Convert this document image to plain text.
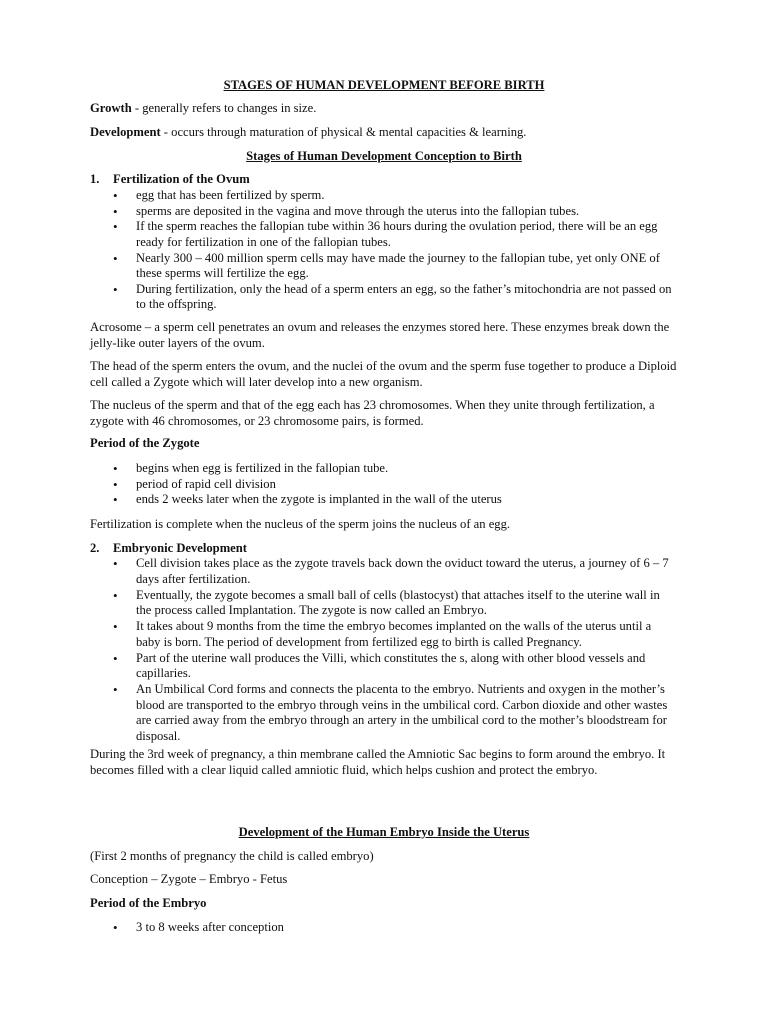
STAGES OF HUMAN DEVELOPMENT BEFORE BIRTH

Growth - generally refers to changes in size.

Development - occurs through maturation of physical & mental capacities & learning.

Stages of Human Development Conception to Birth

1. Fertilization of the Ovum

• egg that has been fertilized by sperm.
• sperms are deposited in the vagina and move through the uterus into the fallopian tubes.
• If the sperm reaches the fallopian tube within 36 hours during the ovulation period, there will be an egg ready for fertilization in one of the fallopian tubes.
• Nearly 300 – 400 million sperm cells may have made the journey to the fallopian tube, yet only ONE of these sperms will fertilize the egg.
• During fertilization, only the head of a sperm enters an egg, so the father’s mitochondria are not passed on to the offspring.

Acrosome – a sperm cell penetrates an ovum and releases the enzymes stored here. These enzymes break down the jelly-like outer layers of the ovum.

The head of the sperm enters the ovum, and the nuclei of the ovum and the sperm fuse together to produce a Diploid cell called a Zygote which will later develop into a new organism.

The nucleus of the sperm and that of the egg each has 23 chromosomes. When they unite through fertilization, a zygote with 46 chromosomes, or 23 chromosome pairs, is formed.

Period of the Zygote

• begins when egg is fertilized in the fallopian tube.
• period of rapid cell division
• ends 2 weeks later when the zygote is implanted in the wall of the uterus

Fertilization is complete when the nucleus of the sperm joins the nucleus of an egg.

2. Embryonic Development

• Cell division takes place as the zygote travels back down the oviduct toward the uterus, a journey of 6 – 7 days after fertilization.
• Eventually, the zygote becomes a small ball of cells (blastocyst) that attaches itself to the uterine wall in the process called Implantation. The zygote is now called an Embryo.
• It takes about 9 months from the time the embryo becomes implanted on the walls of the uterus until a baby is born. The period of development from fertilized egg to birth is called Pregnancy.
• Part of the uterine wall produces the Villi, which constitutes the s, along with other blood vessels and capillaries.
• An Umbilical Cord forms and connects the placenta to the embryo. Nutrients and oxygen in the mother’s blood are transported to the embryo through veins in the umbilical cord. Carbon dioxide and other wastes are carried away from the embryo through an artery in the umbilical cord to the mother’s bloodstream for disposal.

During the 3rd week of pregnancy, a thin membrane called the Amniotic Sac begins to form around the embryo. It becomes filled with a clear liquid called amniotic fluid, which helps cushion and protect the embryo.

Development of the Human Embryo Inside the Uterus

(First 2 months of pregnancy the child is called embryo)

Conception – Zygote – Embryo - Fetus

Period of the Embryo

• 3 to 8 weeks after conception
